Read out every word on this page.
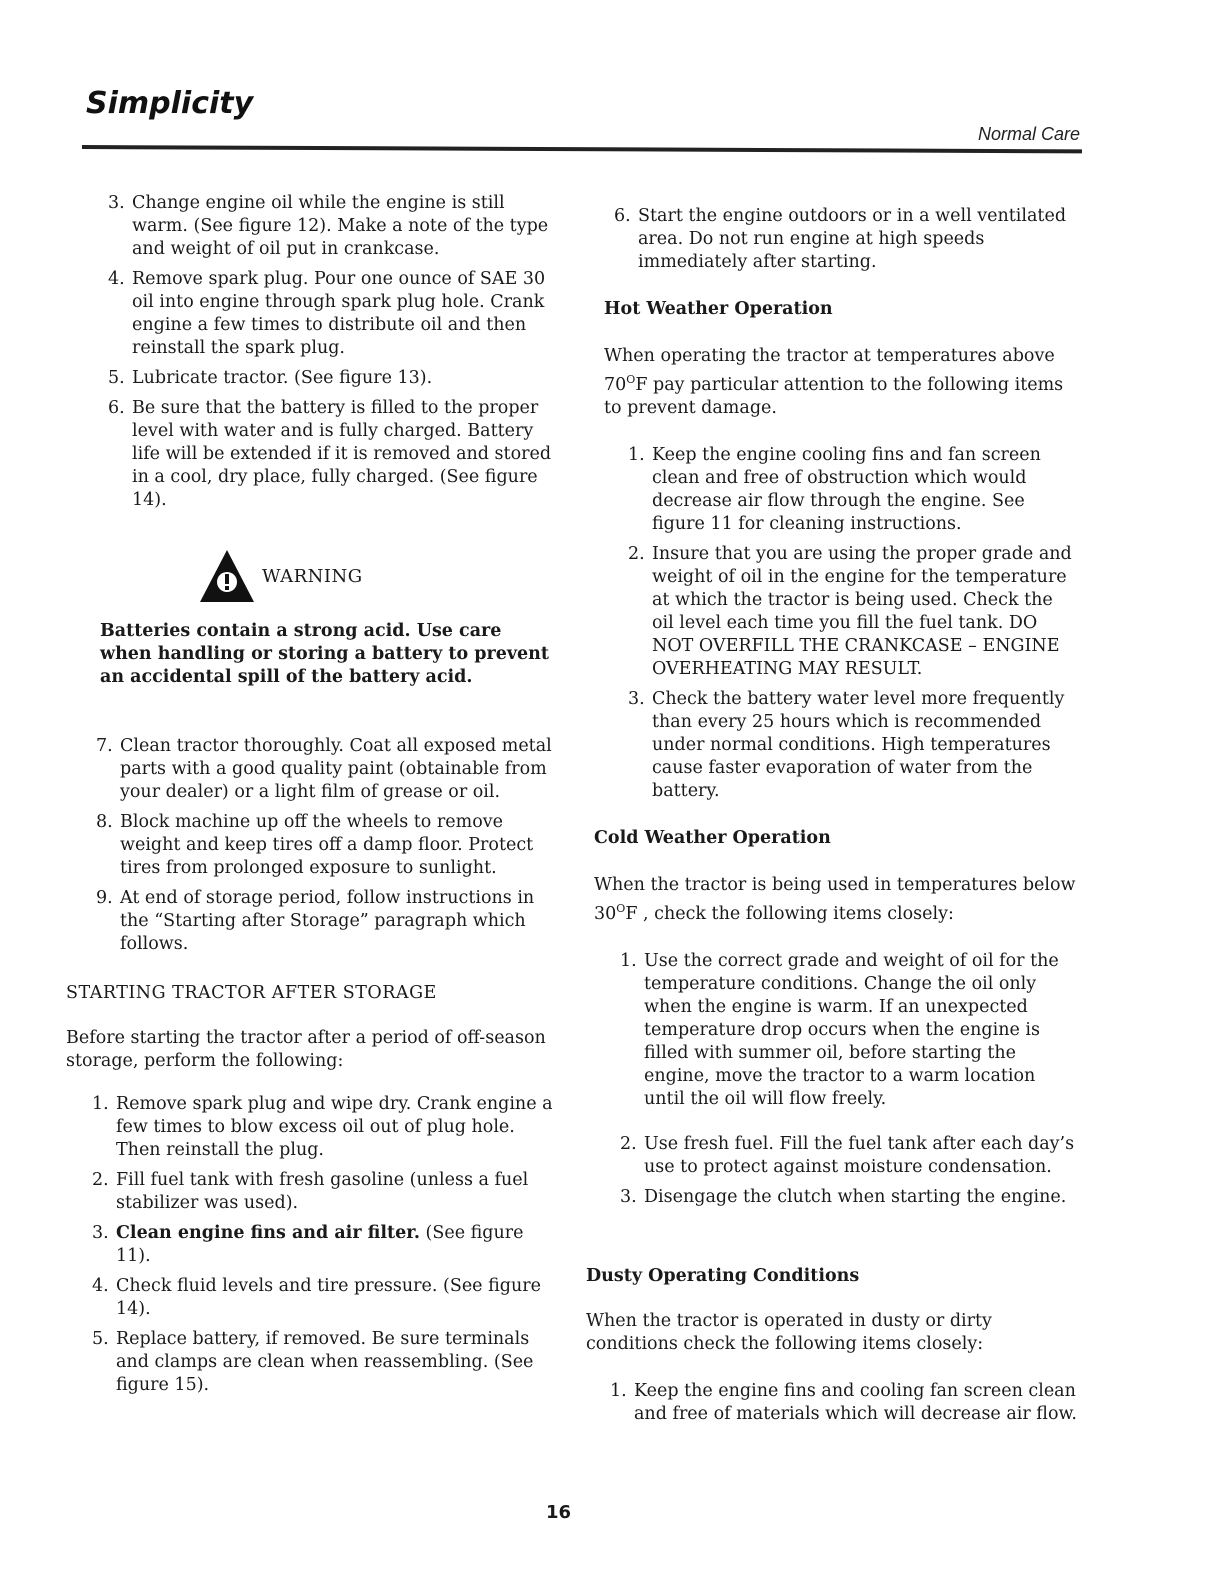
Simplicity
Normal Care
3. Change engine oil while the engine is still warm. (See figure 12). Make a note of the type and weight of oil put in crankcase.

4. Remove spark plug. Pour one ounce of SAE 30 oil into engine through spark plug hole. Crank engine a few times to distribute oil and then reinstall the spark plug.

5. Lubricate tractor. (See figure 13).

6. Be sure that the battery is filled to the proper level with water and is fully charged. Battery life will be extended if it is removed and stored in a cool, dry place, fully charged. (See figure 14).

WARNING

Batteries contain a strong acid. Use care when handling or storing a battery to prevent an accidental spill of the battery acid.

7. Clean tractor thoroughly. Coat all exposed metal parts with a good quality paint (obtainable from your dealer) or a light film of grease or oil.

8. Block machine up off the wheels to remove weight and keep tires off a damp floor. Protect tires from prolonged exposure to sunlight.

9. At end of storage period, follow instructions in the “Starting after Storage” paragraph which follows.

STARTING TRACTOR AFTER STORAGE

Before starting the tractor after a period of off-season storage, perform the following:

1. Remove spark plug and wipe dry. Crank engine a few times to blow excess oil out of plug hole. Then reinstall the plug.

2. Fill fuel tank with fresh gasoline (unless a fuel stabilizer was used).

3. Clean engine fins and air filter. (See figure 11).

4. Check fluid levels and tire pressure. (See figure 14).

5. Replace battery, if removed. Be sure terminals and clamps are clean when reassembling. (See figure 15).

6. Start the engine outdoors or in a well ventilated area. Do not run engine at high speeds immediately after starting.

Hot Weather Operation

When operating the tractor at temperatures above $70^OF$ pay particular attention to the following items to prevent damage.

1. Keep the engine cooling fins and fan screen clean and free of obstruction which would decrease air flow through the engine. See figure 11 for cleaning instructions.

2. Insure that you are using the proper grade and weight of oil in the engine for the temperature at which the tractor is being used. Check the oil level each time you fill the fuel tank. DO NOT OVERFILL THE CRANKCASE – ENGINE OVERHEATING MAY RESULT.

3. Check the battery water level more frequently than every 25 hours which is recommended under normal conditions. High temperatures cause faster evaporation of water from the battery.

Cold Weather Operation

When the tractor is being used in temperatures below $30^OF$ , check the following items closely:

1. Use the correct grade and weight of oil for the temperature conditions. Change the oil only when the engine is warm. If an unexpected temperature drop occurs when the engine is filled with summer oil, before starting the engine, move the tractor to a warm location until the oil will flow freely.

2. Use fresh fuel. Fill the fuel tank after each day’s use to protect against moisture condensation.

3. Disengage the clutch when starting the engine.

Dusty Operating Conditions

When the tractor is operated in dusty or dirty conditions check the following items closely:

1. Keep the engine fins and cooling fan screen clean and free of materials which will decrease air flow.

16
